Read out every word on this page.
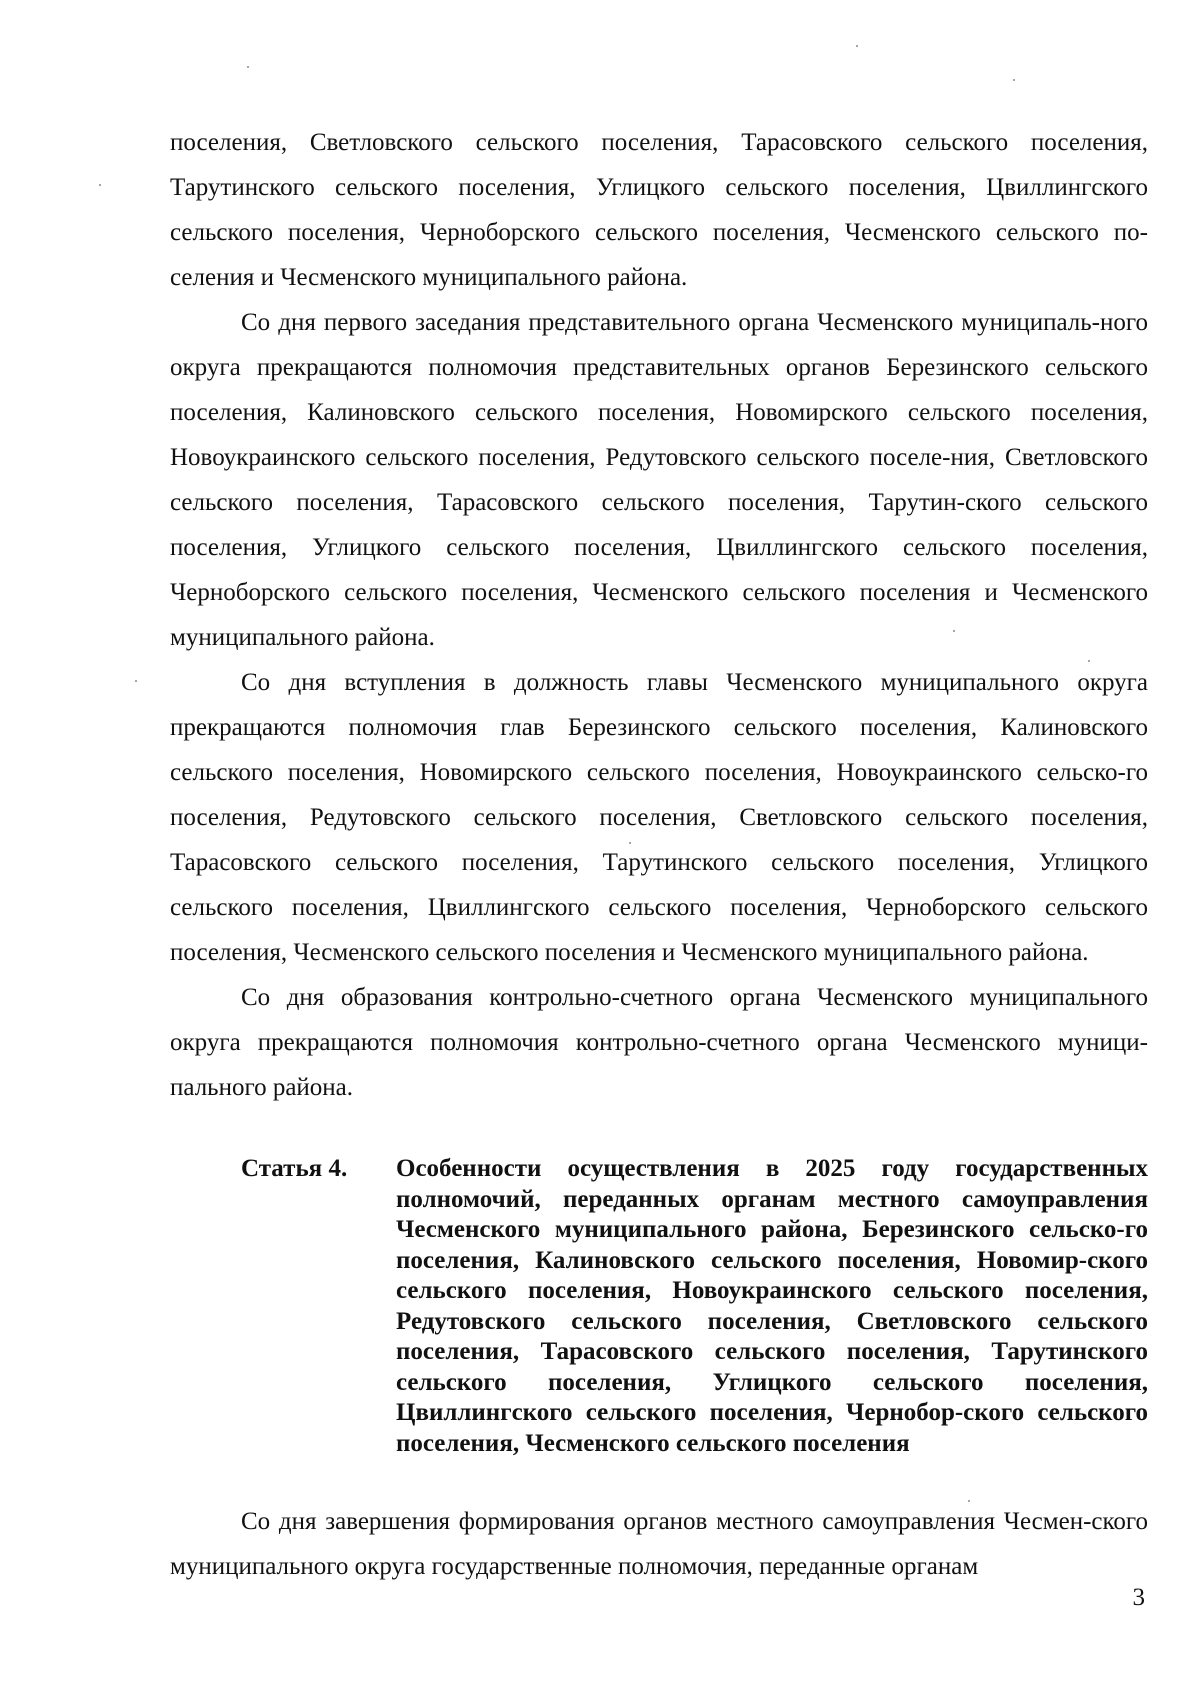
поселения, Светловского сельского поселения, Тарасовского сельского поселения, Тарутинского сельского поселения, Углицкого сельского поселения, Цвиллингского сельского поселения, Черноборского сельского поселения, Чесменского сельского по-селения и Чесменского муниципального района.

Со дня первого заседания представительного органа Чесменского муниципаль-ного округа прекращаются полномочия представительных органов Березинского сельского поселения, Калиновского сельского поселения, Новомирского сельского поселения, Новоукраинского сельского поселения, Редутовского сельского поселе-ния, Светловского сельского поселения, Тарасовского сельского поселения, Тарутин-ского сельского поселения, Углицкого сельского поселения, Цвиллингского сельского поселения, Черноборского сельского поселения, Чесменского сельского поселения и Чесменского муниципального района.

Со дня вступления в должность главы Чесменского муниципального округа прекращаются полномочия глав Березинского сельского поселения, Калиновского сельского поселения, Новомирского сельского поселения, Новоукраинского сельско-го поселения, Редутовского сельского поселения, Светловского сельского поселения, Тарасовского сельского поселения, Тарутинского сельского поселения, Углицкого сельского поселения, Цвиллингского сельского поселения, Черноборского сельского поселения, Чесменского сельского поселения и Чесменского муниципального района.

Со дня образования контрольно-счетного органа Чесменского муниципального округа прекращаются полномочия контрольно-счетного органа Чесменского муници-пального района.

Статья 4.	Особенности осуществления в 2025 году государственных полномочий, переданных органам местного самоуправления Чесменского муниципального района, Березинского сельско-го поселения, Калиновского сельского поселения, Новомир-ского сельского поселения, Новоукраинского сельского поселения, Редутовского сельского поселения, Светловского сельского поселения, Тарасовского сельского поселения, Тарутинского сельского поселения, Углицкого сельского поселения, Цвиллингского сельского поселения, Чернобор-ского сельского поселения, Чесменского сельского поселения

Со дня завершения формирования органов местного самоуправления Чесмен-ского муниципального округа государственные полномочия, переданные органам

3
